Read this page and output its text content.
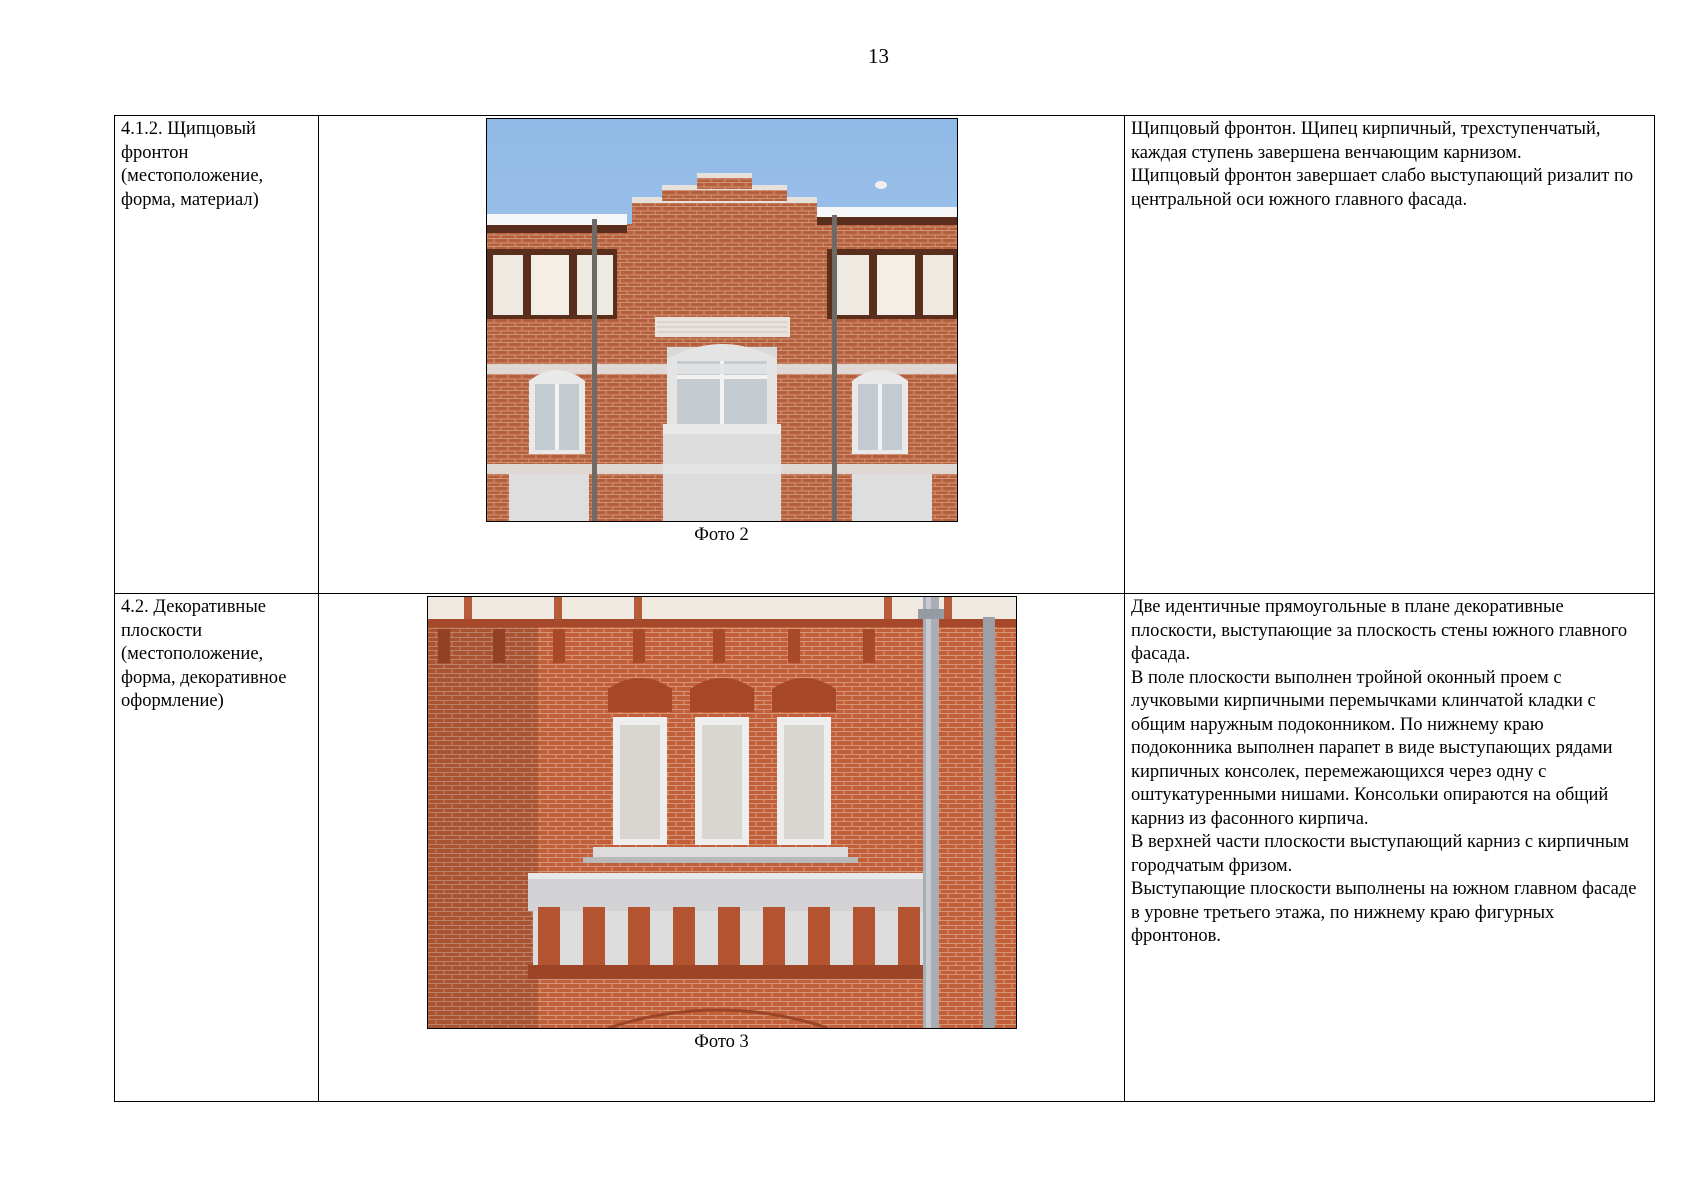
13
4.1.2. Щипцовый фронтон (местоположение, форма, материал)	Фото 2	Щипцовый фронтон. Щипец кирпичный, трехступенчатый, каждая ступень завершена венчающим карнизом.

Щипцовый фронтон завершает слабо выступающий ризалит по центральной оси южного главного фасада.

4.2. Декоративные плоскости (местоположение, форма, декоративное оформление)	Фото 3	Две идентичные прямоугольные в плане декоративные плоскости, выступающие за плоскость стены южного главного фасада.

В поле плоскости выполнен тройной оконный проем с лучковыми кирпичными перемычками клинчатой кладки с общим наружным подоконником. По нижнему краю подоконника выполнен парапет в виде выступающих рядами кирпичных консолек, перемежающихся через одну с оштукатуренными нишами. Консольки опираются на общий карниз из фасонного кирпича.

В верхней части плоскости выступающий карниз с кирпичным городчатым фризом.

Выступающие плоскости выполнены на южном главном фасаде в уровне третьего этажа, по нижнему краю фигурных фронтонов.
